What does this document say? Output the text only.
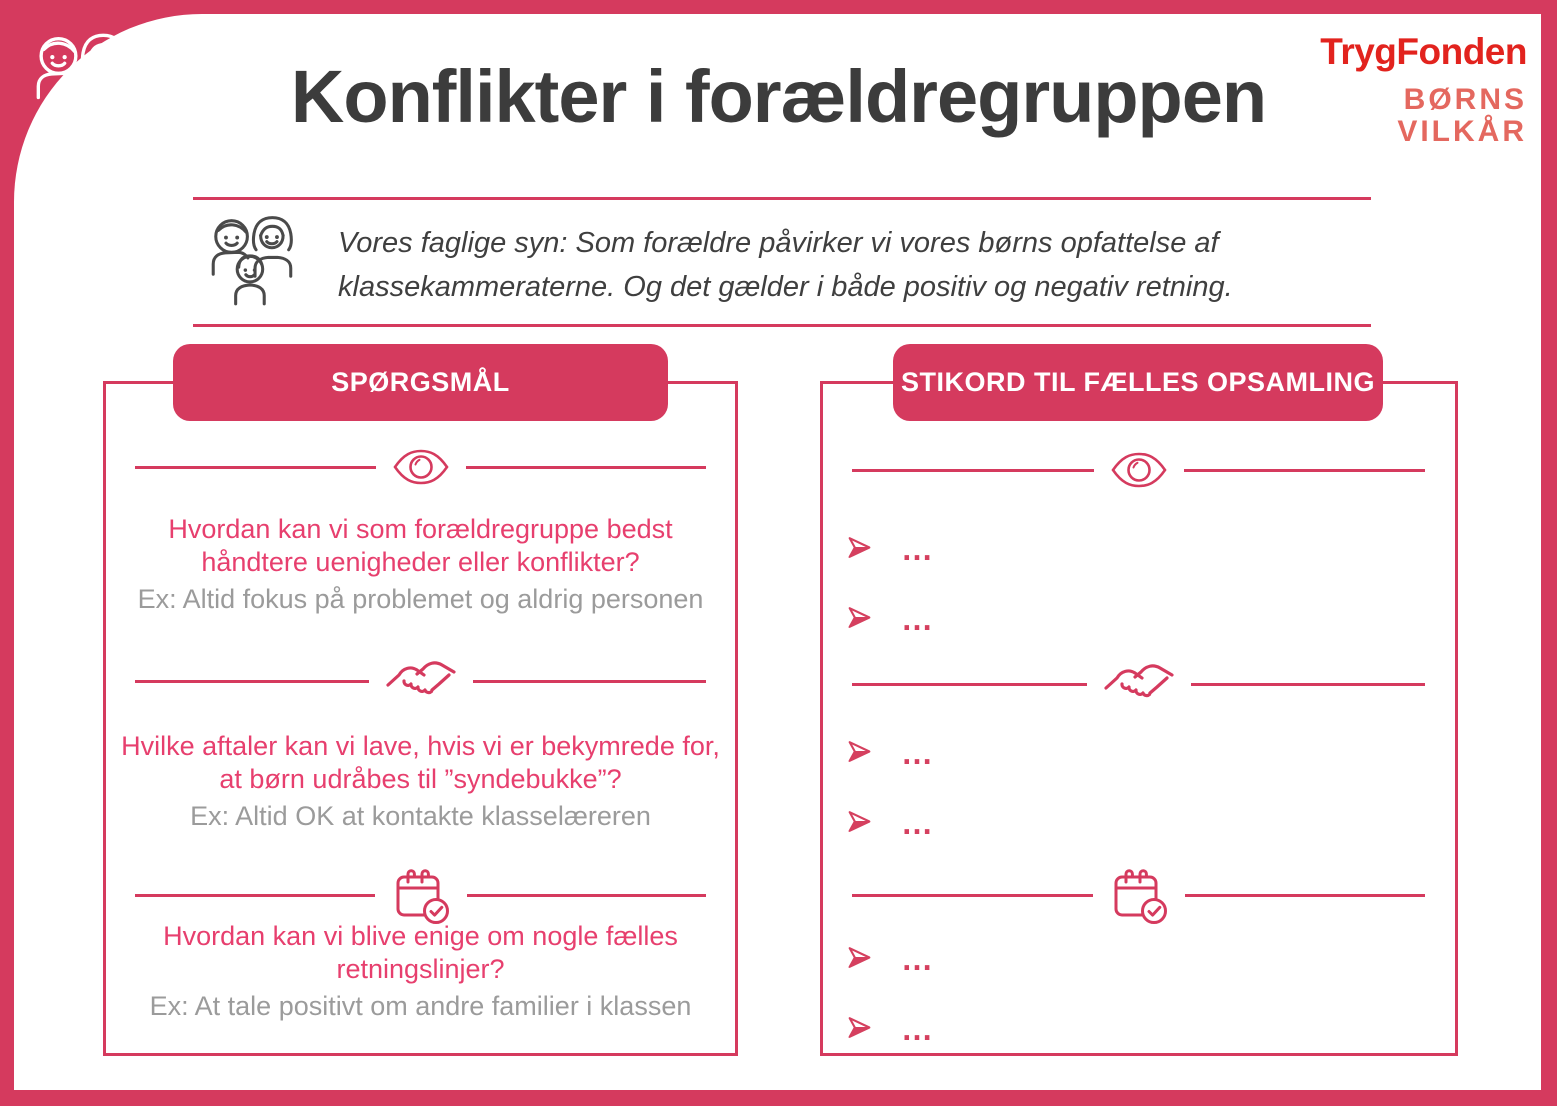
Konflikter i forældregruppen
TrygFonden
BØRNS
VILKÅR
Vores faglige syn: Som forældre påvirker vi vores børns opfattelse af klassekammeraterne. Og det gælder i både positiv og negativ retning.
SPØRGSMÅL	STIKORD TIL FÆLLES OPSAMLING
Hvordan kan vi som forældregruppe bedst håndtere uenigheder eller konflikter?
Ex: Altid fokus på problemet og aldrig personen
Hvilke aftaler kan vi lave, hvis vi er bekymrede for, at børn udråbes til ”syndebukke”?
Ex: Altid OK at kontakte klasselæreren
Hvordan kan vi blive enige om nogle fælles retningslinjer?
Ex: At tale positivt om andre familier i klassen
…
…
…
…
…
…
